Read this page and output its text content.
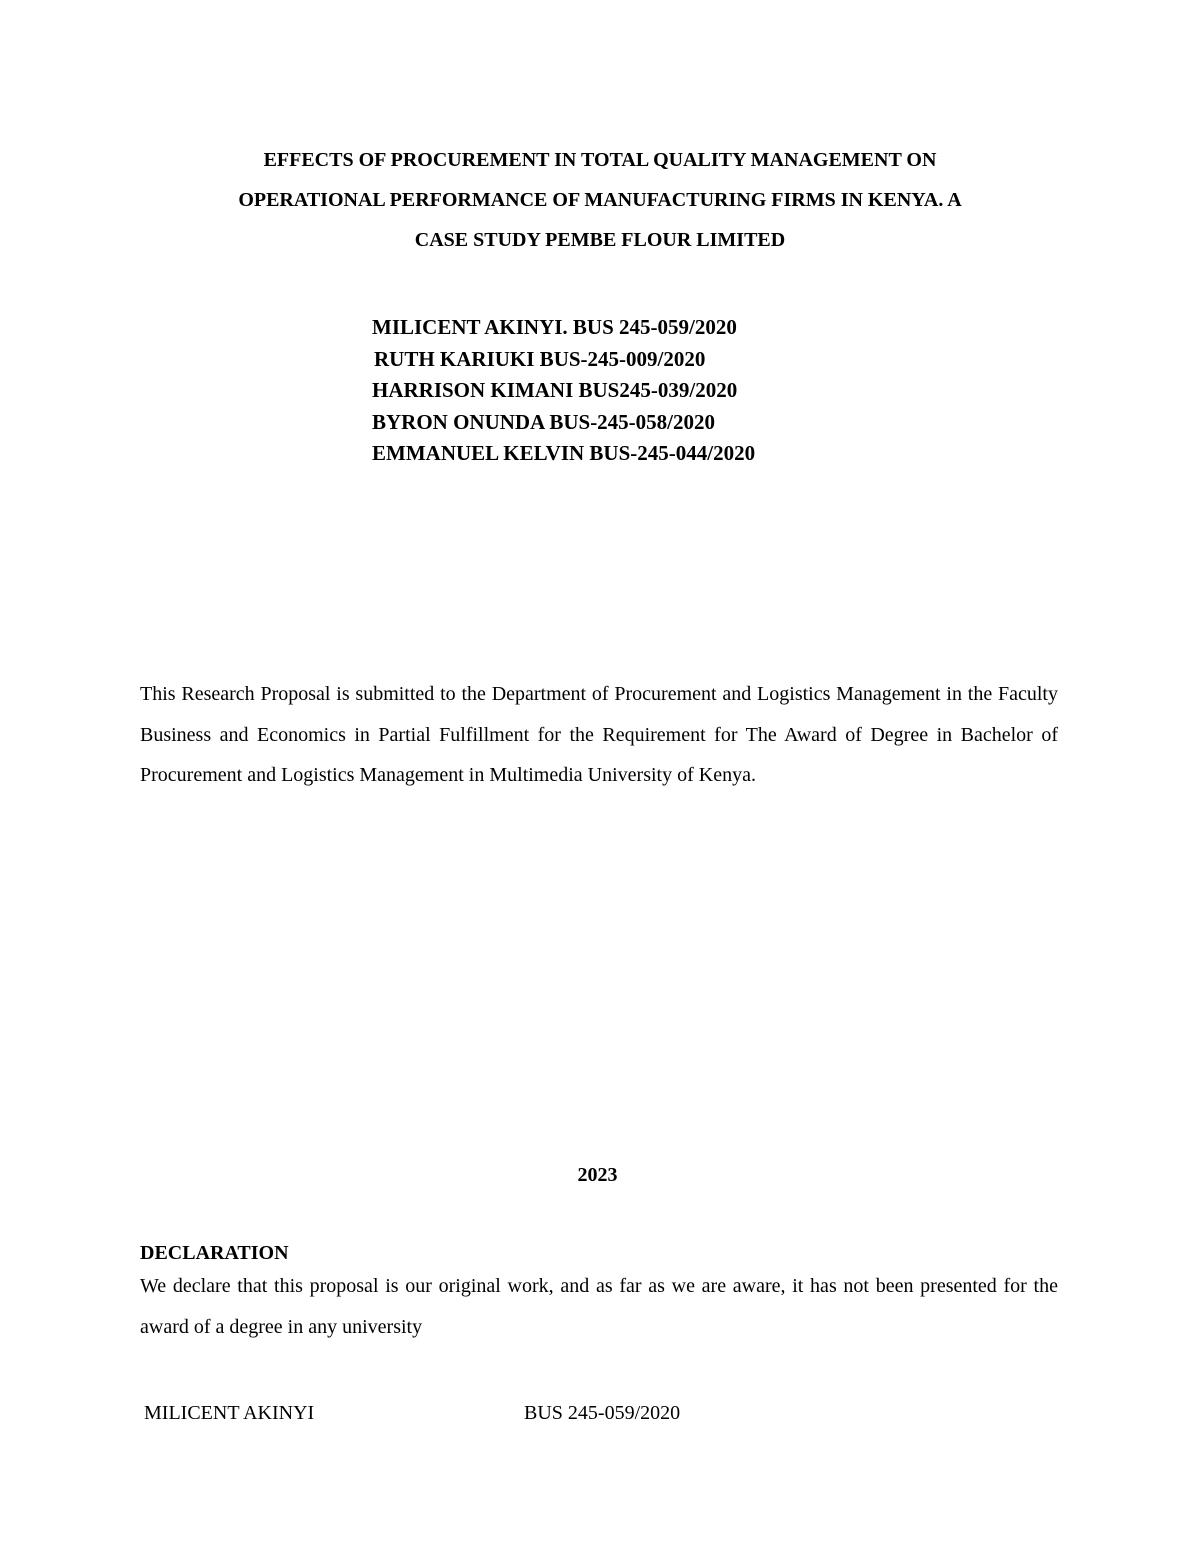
EFFECTS OF PROCUREMENT IN TOTAL QUALITY MANAGEMENT ON
OPERATIONAL PERFORMANCE OF MANUFACTURING FIRMS IN KENYA. A
CASE STUDY PEMBE FLOUR LIMITED
MILICENT AKINYI. BUS 245-059/2020
RUTH KARIUKI BUS-245-009/2020
HARRISON KIMANI BUS245-039/2020
BYRON ONUNDA BUS-245-058/2020
EMMANUEL KELVIN BUS-245-044/2020

This Research Proposal is submitted to the Department of Procurement and Logistics Management in the Faculty Business and Economics in Partial Fulfillment for the Requirement for The Award of Degree in Bachelor of Procurement and Logistics Management in Multimedia University of Kenya.

2023
DECLARATION

We declare that this proposal is our original work, and as far as we are aware, it has not been presented for the award of a degree in any university

MILICENT AKINYI	BUS 245-059/2020
